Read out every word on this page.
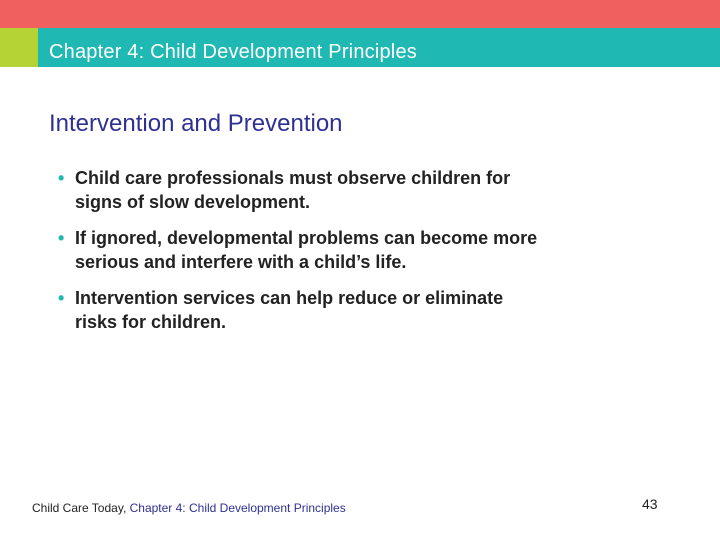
Chapter 4: Child Development Principles
Intervention and Prevention
• Child care professionals must observe children for
signs of slow development.
• If ignored, developmental problems can become more
serious and interfere with a child’s life.
• Intervention services can help reduce or eliminate
risks for children.
Child Care Today, Chapter 4: Child Development Principles	43
